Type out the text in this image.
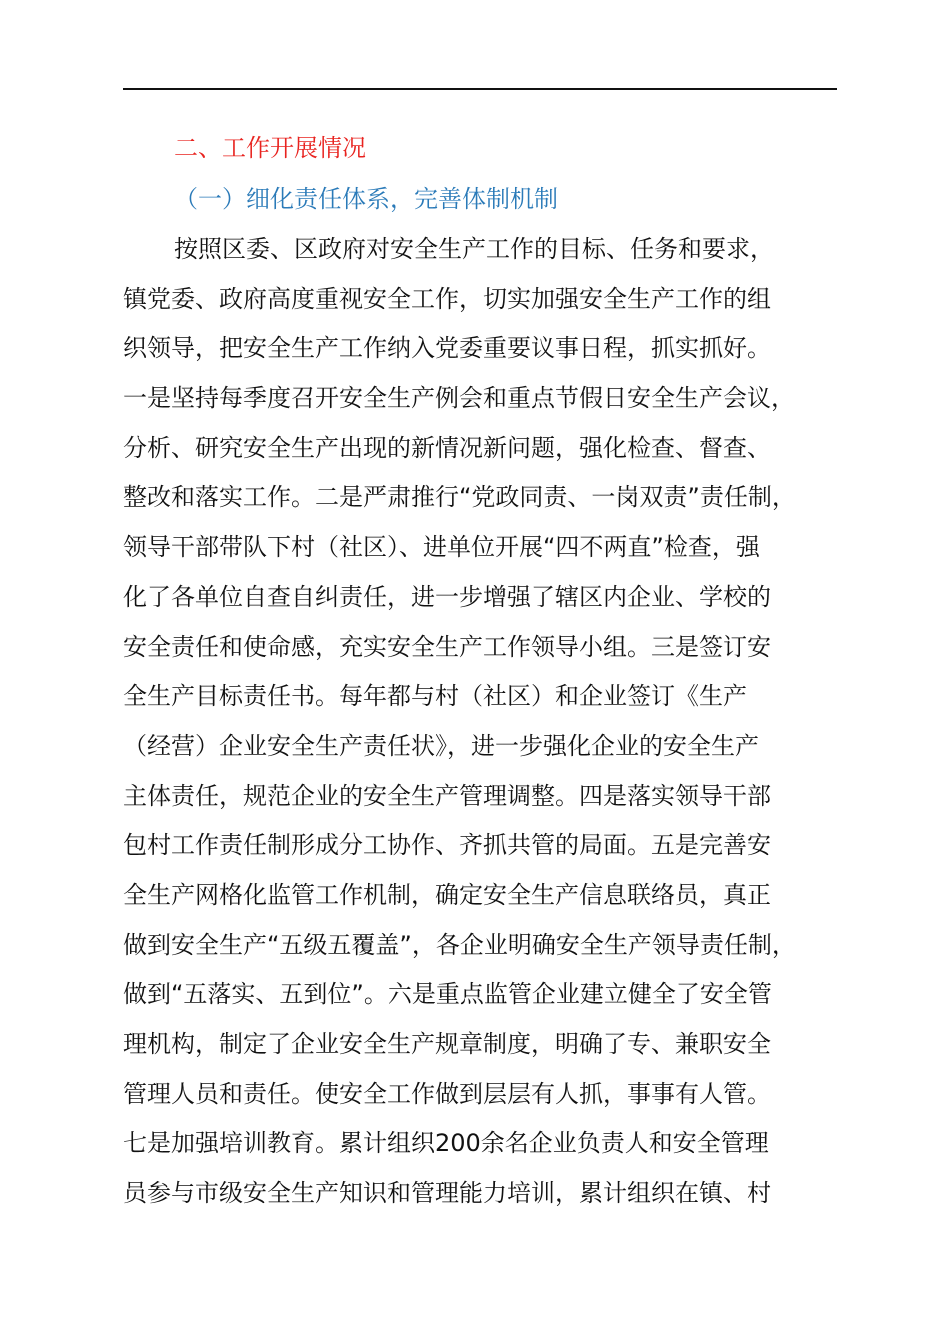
二、工作开展情况
（一）细化责任体系，完善体制机制
按照区委、区政府对安全生产工作的目标、任务和要求，
镇党委、政府高度重视安全工作，切实加强安全生产工作的组
织领导，把安全生产工作纳入党委重要议事日程，抓实抓好。
一是坚持每季度召开安全生产例会和重点节假日安全生产会议，
分析、研究安全生产出现的新情况新问题，强化检查、督查、
整改和落实工作。二是严肃推行“党政同责、一岗双责”责任制，
领导干部带队下村（社区）、进单位开展“四不两直”检查，强
化了各单位自查自纠责任，进一步增强了辖区内企业、学校的
安全责任和使命感，充实安全生产工作领导小组。三是签订安
全生产目标责任书。每年都与村（社区）和企业签订《生产
（经营）企业安全生产责任状》，进一步强化企业的安全生产
主体责任，规范企业的安全生产管理调整。四是落实领导干部
包村工作责任制形成分工协作、齐抓共管的局面。五是完善安
全生产网格化监管工作机制，确定安全生产信息联络员，真正
做到安全生产“五级五覆盖”，各企业明确安全生产领导责任制，
做到“五落实、五到位”。六是重点监管企业建立健全了安全管
理机构，制定了企业安全生产规章制度，明确了专、兼职安全
管理人员和责任。使安全工作做到层层有人抓，事事有人管。
七是加强培训教育。累计组织200余名企业负责人和安全管理
员参与市级安全生产知识和管理能力培训，累计组织在镇、村
